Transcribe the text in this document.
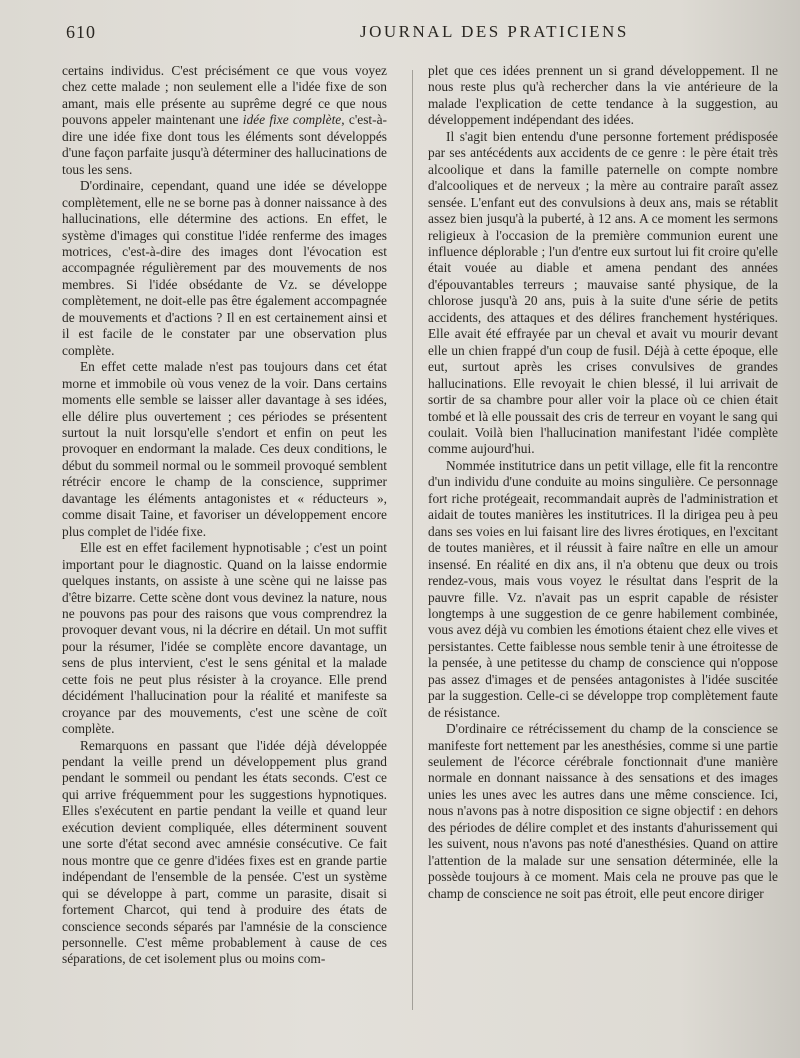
610	JOURNAL DES PRATICIENS

certains individus. C'est précisément ce que vous voyez chez cette malade ; non seulement elle a l'idée fixe de son amant, mais elle présente au suprême degré ce que nous pouvons appeler maintenant une idée fixe complète, c'est-à-dire une idée fixe dont tous les éléments sont développés d'une façon parfaite jusqu'à déterminer des hallucinations de tous les sens.

D'ordinaire, cependant, quand une idée se développe complètement, elle ne se borne pas à donner naissance à des hallucinations, elle détermine des actions. En effet, le système d'images qui constitue l'idée renferme des images motrices, c'est-à-dire des images dont l'évocation est accompagnée régulièrement par des mouvements de nos membres. Si l'idée obsédante de Vz. se développe complètement, ne doit-elle pas être également accompagnée de mouvements et d'actions ? Il en est certainement ainsi et il est facile de le constater par une observation plus complète.

En effet cette malade n'est pas toujours dans cet état morne et immobile où vous venez de la voir. Dans certains moments elle semble se laisser aller davantage à ses idées, elle délire plus ouvertement ; ces périodes se présentent surtout la nuit lorsqu'elle s'endort et enfin on peut les provoquer en endormant la malade. Ces deux conditions, le début du sommeil normal ou le sommeil provoqué semblent rétrécir encore le champ de la conscience, supprimer davantage les éléments antagonistes et « réducteurs », comme disait Taine, et favoriser un développement encore plus complet de l'idée fixe.

Elle est en effet facilement hypnotisable ; c'est un point important pour le diagnostic. Quand on la laisse endormie quelques instants, on assiste à une scène qui ne laisse pas d'être bizarre. Cette scène dont vous devinez la nature, nous ne pouvons pas pour des raisons que vous comprendrez la provoquer devant vous, ni la décrire en détail. Un mot suffit pour la résumer, l'idée se complète encore davantage, un sens de plus intervient, c'est le sens génital et la malade cette fois ne peut plus résister à la croyance. Elle prend décidément l'hallucination pour la réalité et manifeste sa croyance par des mouvements, c'est une scène de coït complète.

Remarquons en passant que l'idée déjà développée pendant la veille prend un développement plus grand pendant le sommeil ou pendant les états seconds. C'est ce qui arrive fréquemment pour les suggestions hypnotiques. Elles s'exécutent en partie pendant la veille et quand leur exécution devient compliquée, elles déterminent souvent une sorte d'état second avec amnésie consécutive. Ce fait nous montre que ce genre d'idées fixes est en grande partie indépendant de l'ensemble de la pensée. C'est un système qui se développe à part, comme un parasite, disait si fortement Charcot, qui tend à produire des états de conscience seconds séparés par l'amnésie de la conscience personnelle. C'est même probablement à cause de ces séparations, de cet isolement plus ou moins com-

plet que ces idées prennent un si grand développement. Il ne nous reste plus qu'à rechercher dans la vie antérieure de la malade l'explication de cette tendance à la suggestion, au développement indépendant des idées.

Il s'agit bien entendu d'une personne fortement prédisposée par ses antécédents aux accidents de ce genre : le père était très alcoolique et dans la famille paternelle on compte nombre d'alcooliques et de nerveux ; la mère au contraire paraît assez sensée. L'enfant eut des convulsions à deux ans, mais se rétablit assez bien jusqu'à la puberté, à 12 ans. A ce moment les sermons religieux à l'occasion de la première communion eurent une influence déplorable ; l'un d'entre eux surtout lui fit croire qu'elle était vouée au diable et amena pendant des années d'épouvantables terreurs ; mauvaise santé physique, de la chlorose jusqu'à 20 ans, puis à la suite d'une série de petits accidents, des attaques et des délires franchement hystériques. Elle avait été effrayée par un cheval et avait vu mourir devant elle un chien frappé d'un coup de fusil. Déjà à cette époque, elle eut, surtout après les crises convulsives de grandes hallucinations. Elle revoyait le chien blessé, il lui arrivait de sortir de sa chambre pour aller voir la place où ce chien était tombé et là elle poussait des cris de terreur en voyant le sang qui coulait. Voilà bien l'hallucination manifestant l'idée complète comme aujourd'hui.

Nommée institutrice dans un petit village, elle fit la rencontre d'un individu d'une conduite au moins singulière. Ce personnage fort riche protégeait, recommandait auprès de l'administration et aidait de toutes manières les institutrices. Il la dirigea peu à peu dans ses voies en lui faisant lire des livres érotiques, en l'excitant de toutes manières, et il réussit à faire naître en elle un amour insensé. En réalité en dix ans, il n'a obtenu que deux ou trois rendez-vous, mais vous voyez le résultat dans l'esprit de la pauvre fille. Vz. n'avait pas un esprit capable de résister longtemps à une suggestion de ce genre habilement combinée, vous avez déjà vu combien les émotions étaient chez elle vives et persistantes. Cette faiblesse nous semble tenir à une étroitesse de la pensée, à une petitesse du champ de conscience qui n'oppose pas assez d'images et de pensées antagonistes à l'idée suscitée par la suggestion. Celle-ci se développe trop complètement faute de résistance.

D'ordinaire ce rétrécissement du champ de la conscience se manifeste fort nettement par les anesthésies, comme si une partie seulement de l'écorce cérébrale fonctionnait d'une manière normale en donnant naissance à des sensations et des images unies les unes avec les autres dans une même conscience. Ici, nous n'avons pas à notre disposition ce signe objectif : en dehors des périodes de délire complet et des instants d'ahurissement qui les suivent, nous n'avons pas noté d'anesthésies. Quand on attire l'attention de la malade sur une sensation déterminée, elle la possède toujours à ce moment. Mais cela ne prouve pas que le champ de conscience ne soit pas étroit, elle peut encore diriger
